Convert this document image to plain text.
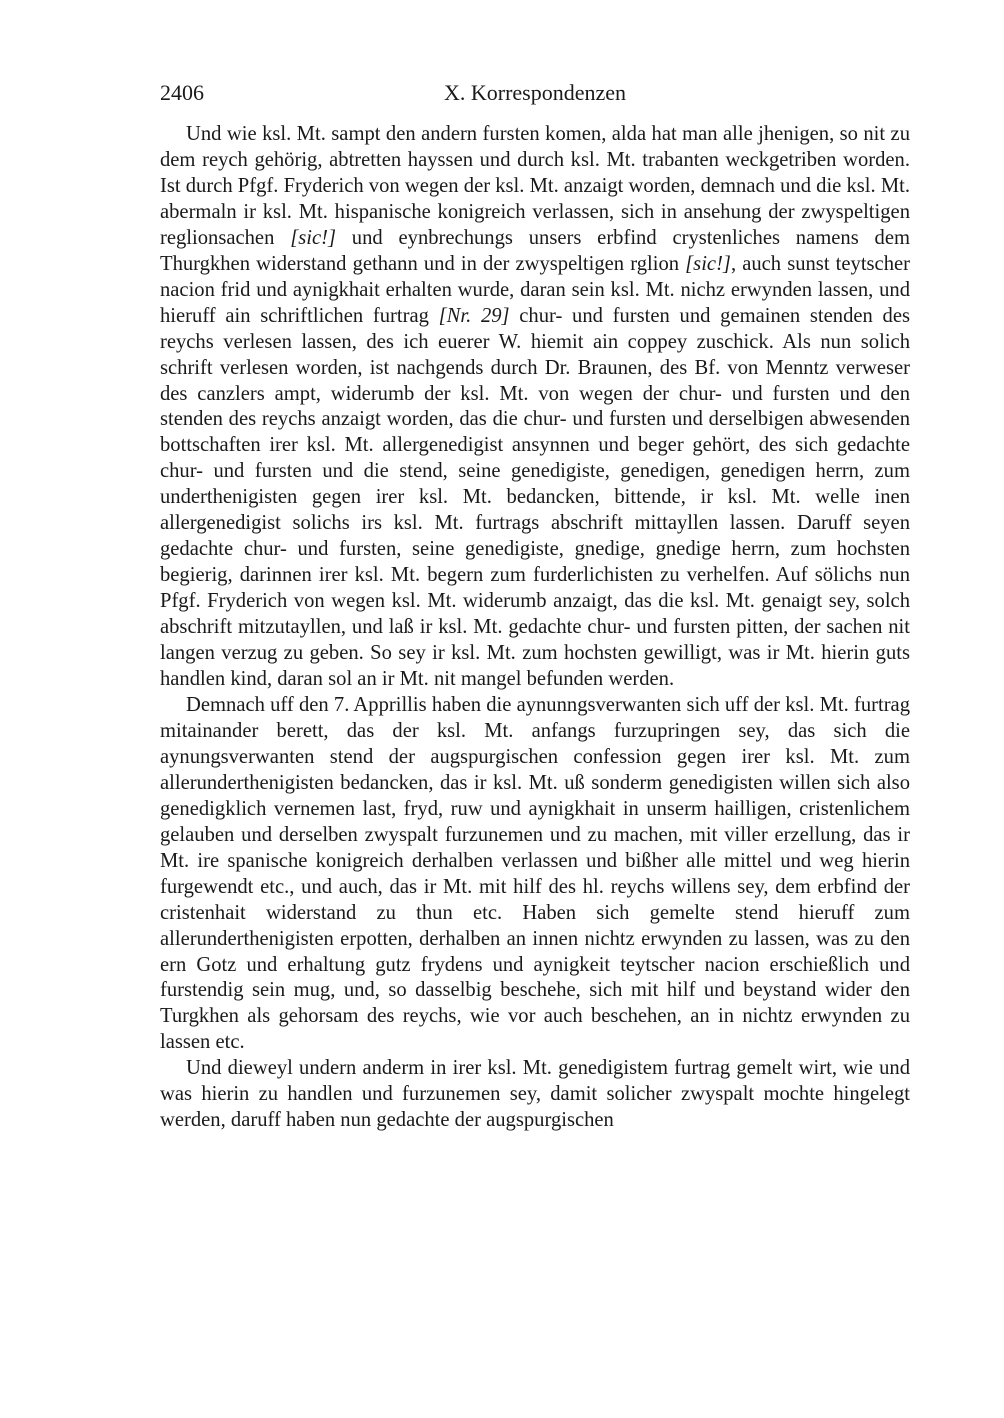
2406	X. Korrespondenzen

Und wie ksl. Mt. sampt den andern fursten komen, alda hat man alle jhenigen, so nit zu dem reych gehörig, abtretten hayssen und durch ksl. Mt. trabanten weckgetriben worden. Ist durch Pfgf. Fryderich von wegen der ksl. Mt. anzaigt worden, demnach und die ksl. Mt. abermaln ir ksl. Mt. hispanische konigreich verlassen, sich in ansehung der zwyspeltigen reglionsachen [sic!] und eynbrechungs unsers erbfind crystenliches namens dem Thurgkhen widerstand gethann und in der zwyspeltigen rglion [sic!], auch sunst teytscher nacion frid und aynigkhait erhalten wurde, daran sein ksl. Mt. nichz erwynden lassen, und hieruff ain schriftlichen furtrag [Nr. 29] chur- und fursten und gemainen stenden des reychs verlesen lassen, des ich euerer W. hiemit ain coppey zuschick. Als nun solich schrift verlesen worden, ist nachgends durch Dr. Braunen, des Bf. von Menntz verweser des canzlers ampt, widerumb der ksl. Mt. von wegen der chur- und fursten und den stenden des reychs anzaigt worden, das die chur- und fursten und derselbigen abwesenden bottschaften irer ksl. Mt. allergenedigist ansynnen und beger gehört, des sich gedachte chur- und fursten und die stend, seine genedigiste, genedigen, genedigen herrn, zum underthenigisten gegen irer ksl. Mt. bedancken, bittende, ir ksl. Mt. welle inen allergenedigist solichs irs ksl. Mt. furtrags abschrift mittayllen lassen. Daruff seyen gedachte chur- und fursten, seine genedigiste, gnedige, gnedige herrn, zum hochsten begierig, darinnen irer ksl. Mt. begern zum furderlichisten zu verhelfen. Auf sölichs nun Pfgf. Fryderich von wegen ksl. Mt. widerumb anzaigt, das die ksl. Mt. genaigt sey, solch abschrift mitzutayllen, und laß ir ksl. Mt. gedachte chur- und fursten pitten, der sachen nit langen verzug zu geben. So sey ir ksl. Mt. zum hochsten gewilligt, was ir Mt. hierin guts handlen kind, daran sol an ir Mt. nit mangel befunden werden.

Demnach uff den 7. Apprillis haben die aynunngsverwanten sich uff der ksl. Mt. furtrag mitainander berett, das der ksl. Mt. anfangs furzupringen sey, das sich die aynungsverwanten stend der augspurgischen confession gegen irer ksl. Mt. zum allerunderthenigisten bedancken, das ir ksl. Mt. uß sonderm genedigisten willen sich also genedigklich vernemen last, fryd, ruw und aynigkhait in unserm hailligen, cristenlichem gelauben und derselben zwyspalt furzunemen und zu machen, mit viller erzellung, das ir Mt. ire spanische konigreich derhalben verlassen und bißher alle mittel und weg hierin furgewendt etc., und auch, das ir Mt. mit hilf des hl. reychs willens sey, dem erbfind der cristenhait widerstand zu thun etc. Haben sich gemelte stend hieruff zum allerunderthenigisten erpotten, derhalben an innen nichtz erwynden zu lassen, was zu den ern Gotz und erhaltung gutz frydens und aynigkeit teytscher nacion erschießlich und furstendig sein mug, und, so dasselbig beschehe, sich mit hilf und beystand wider den Turgkhen als gehorsam des reychs, wie vor auch beschehen, an in nichtz erwynden zu lassen etc.

Und dieweyl undern anderm in irer ksl. Mt. genedigistem furtrag gemelt wirt, wie und was hierin zu handlen und furzunemen sey, damit solicher zwyspalt mochte hingelegt werden, daruff haben nun gedachte der augspurgischen
